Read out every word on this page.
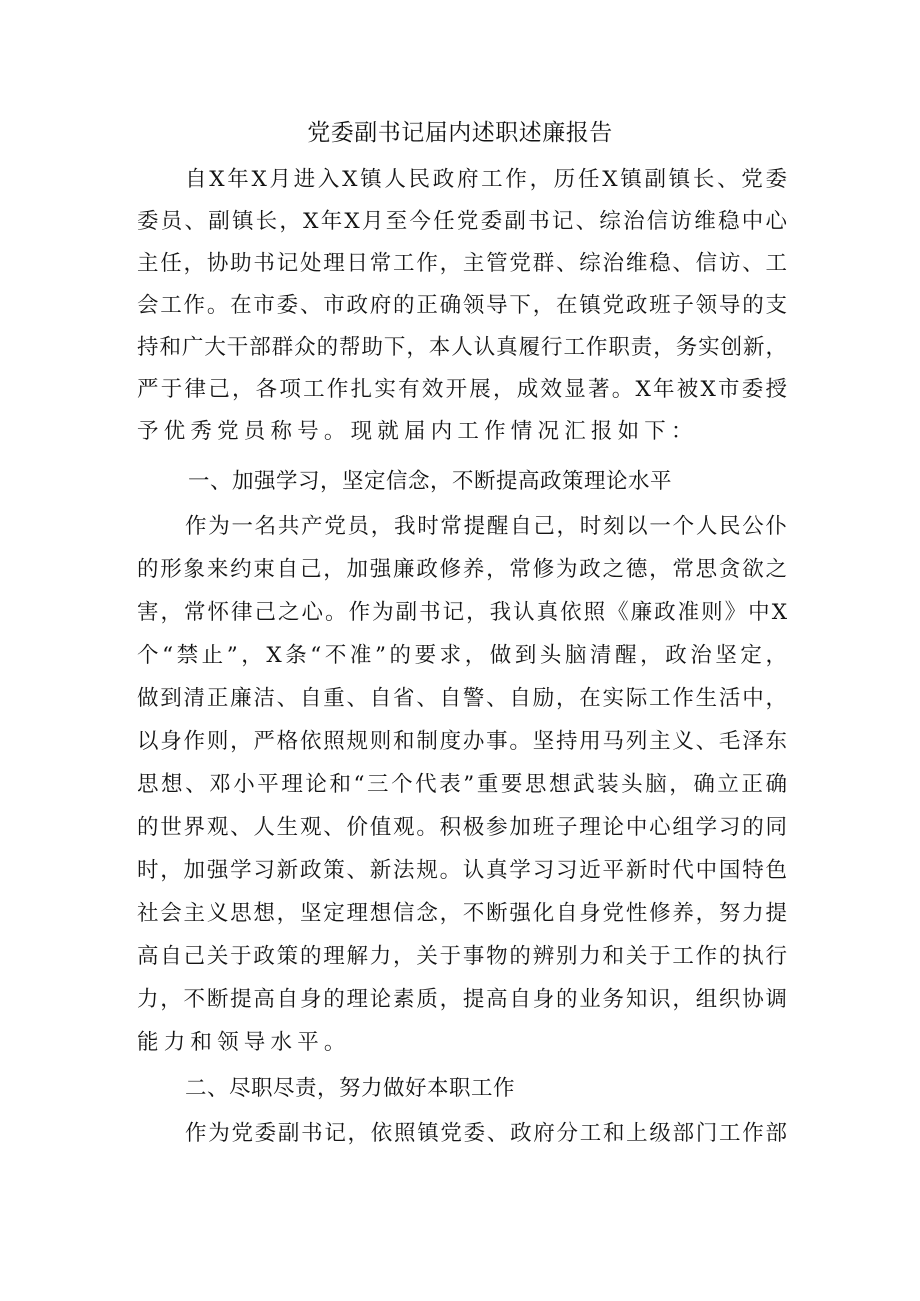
党委副书记届内述职述廉报告
自X年X月进入X镇人民政府工作，历任X镇副镇长、党委
委员、副镇长，X年X月至今任党委副书记、综治信访维稳中心
主任，协助书记处理日常工作，主管党群、综治维稳、信访、工
会工作。在市委、市政府的正确领导下，在镇党政班子领导的支
持和广大干部群众的帮助下，本人认真履行工作职责，务实创新，
严于律己，各项工作扎实有效开展，成效显著。X年被X市委授
予优秀党员称号。现就届内工作情况汇报如下：
一、加强学习，坚定信念，不断提高政策理论水平
作为一名共产党员，我时常提醒自己，时刻以一个人民公仆
的形象来约束自己，加强廉政修养，常修为政之德，常思贪欲之
害，常怀律己之心。作为副书记，我认真依照《廉政准则》中X
个“禁止”，X条“不准”的要求，做到头脑清醒，政治坚定，
做到清正廉洁、自重、自省、自警、自励，在实际工作生活中，
以身作则，严格依照规则和制度办事。坚持用马列主义、毛泽东
思想、邓小平理论和“三个代表”重要思想武装头脑，确立正确
的世界观、人生观、价值观。积极参加班子理论中心组学习的同
时，加强学习新政策、新法规。认真学习习近平新时代中国特色
社会主义思想，坚定理想信念，不断强化自身党性修养，努力提
高自己关于政策的理解力，关于事物的辨别力和关于工作的执行
力，不断提高自身的理论素质，提高自身的业务知识，组织协调
能力和领导水平。
二、尽职尽责，努力做好本职工作
作为党委副书记，依照镇党委、政府分工和上级部门工作部
